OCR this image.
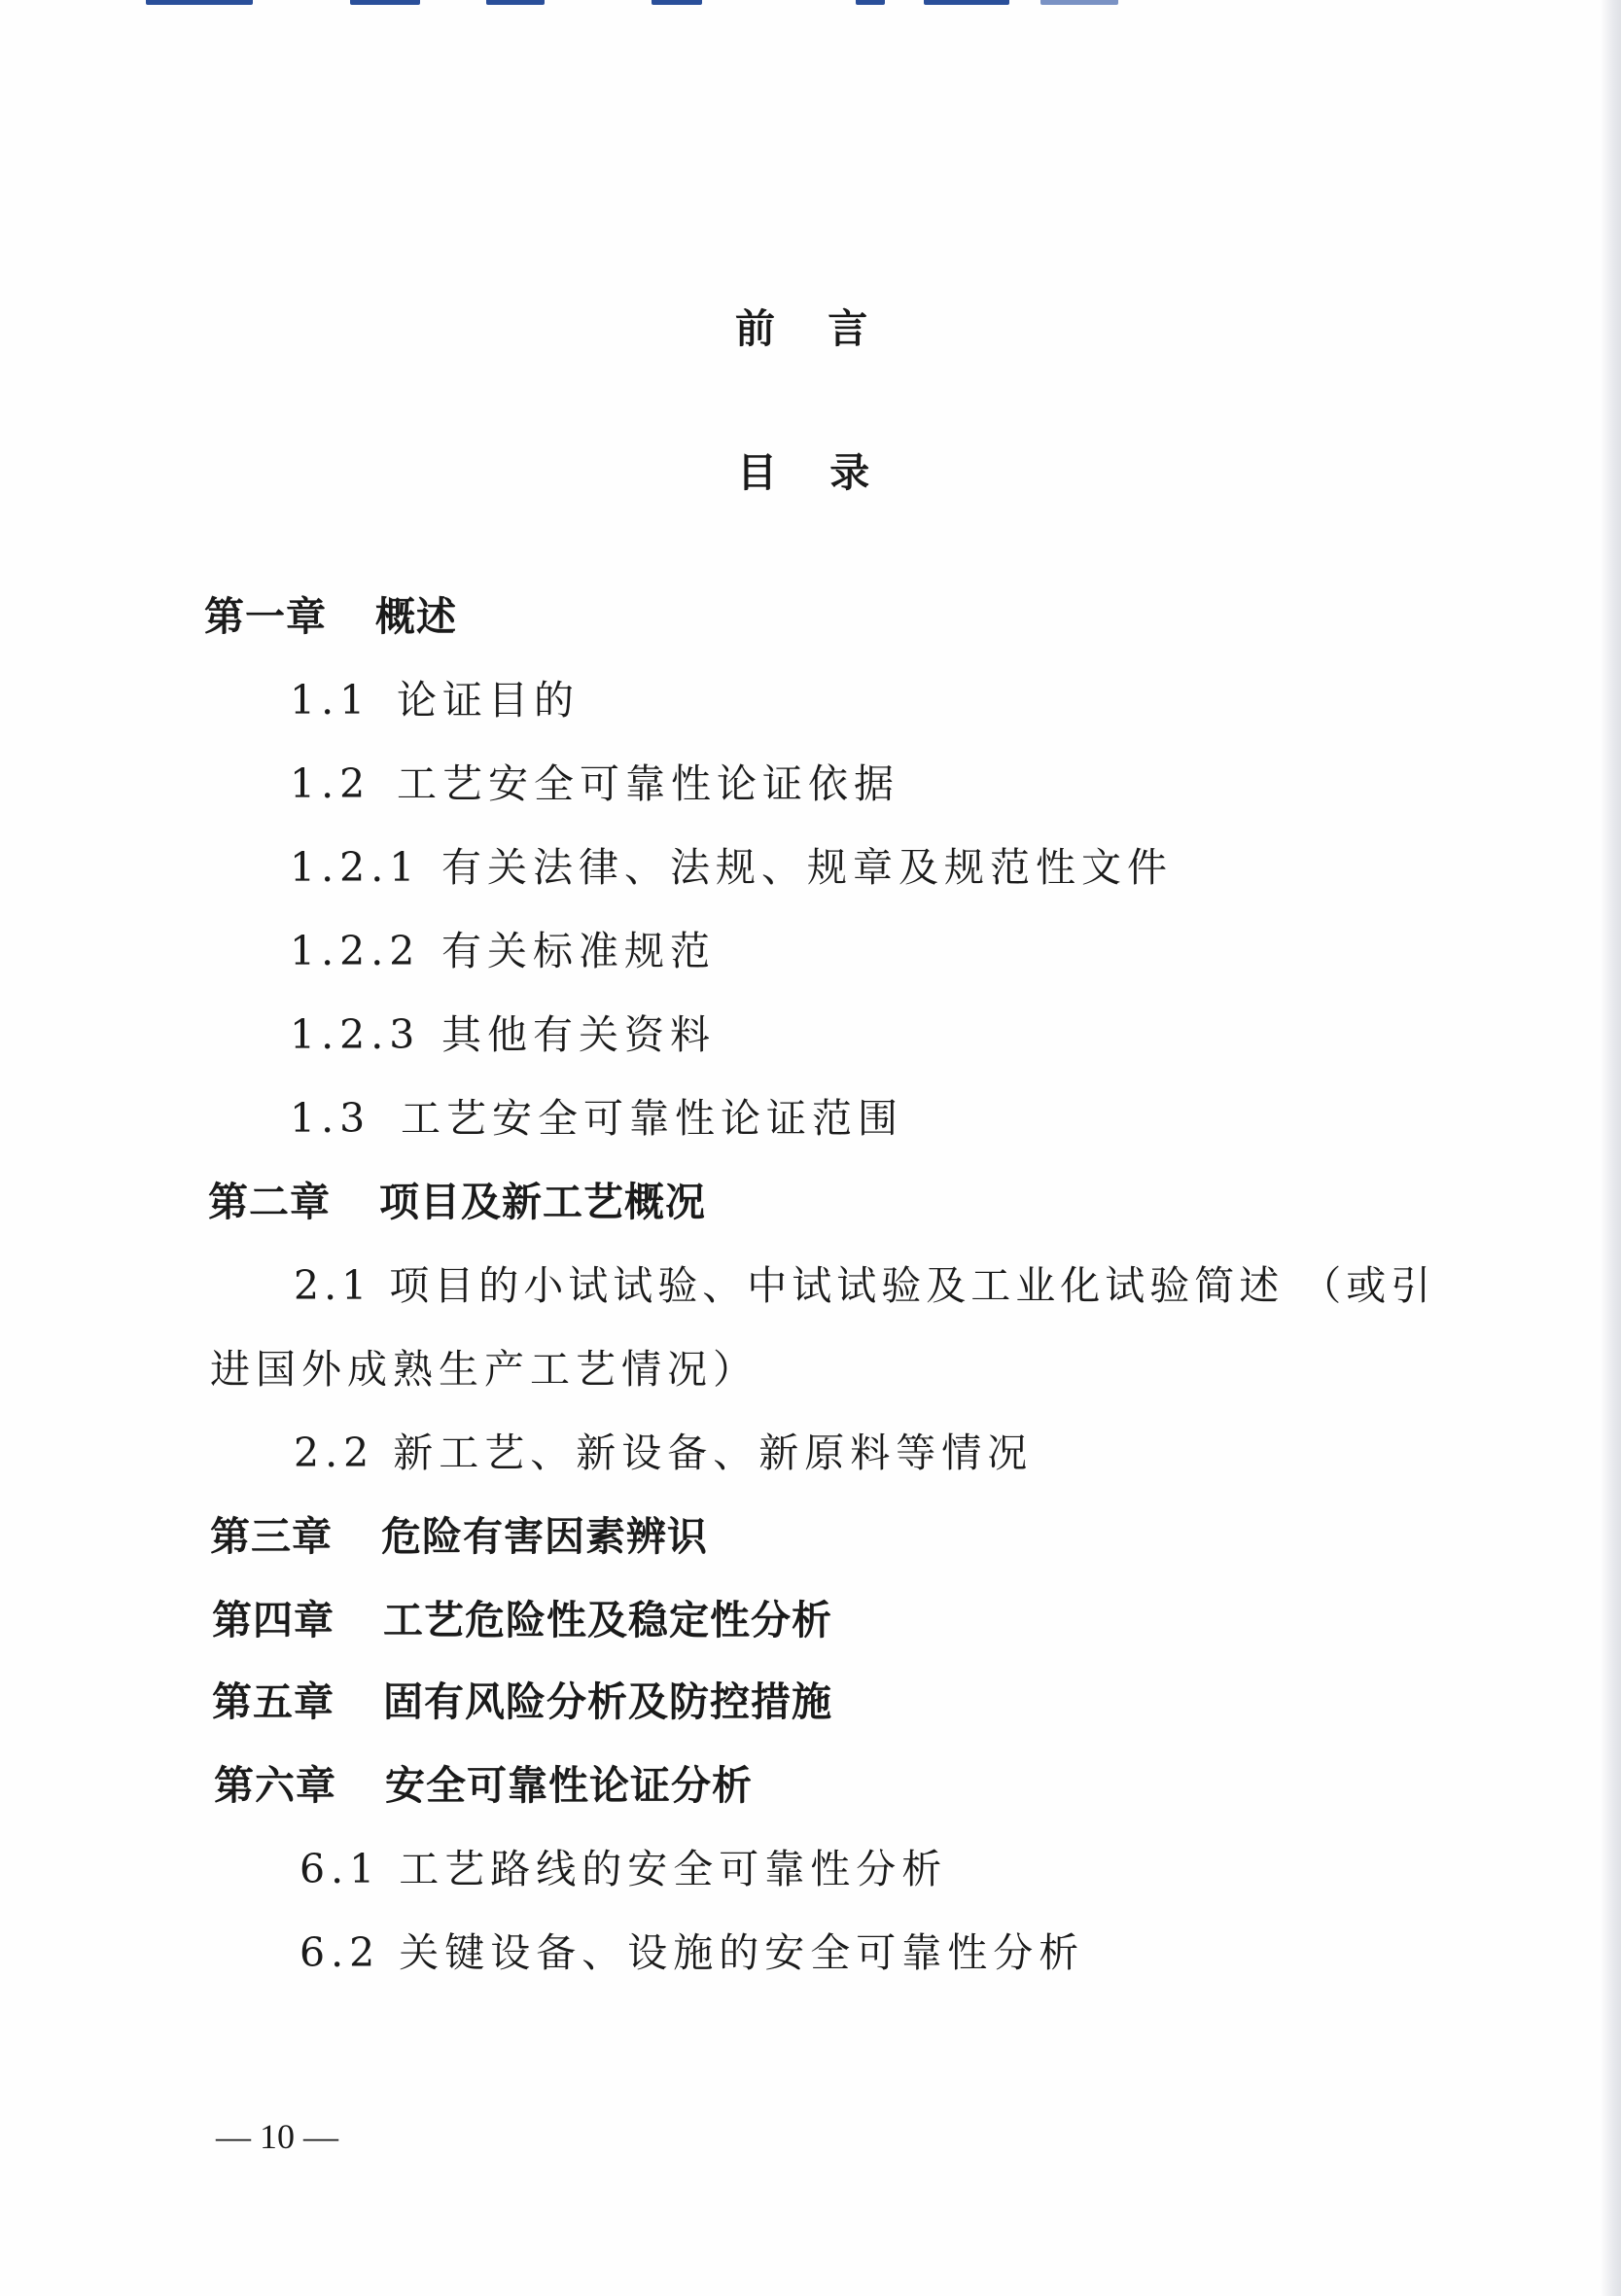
前 言
目 录
第一章 概述
1.1 论证目的
1.2 工艺安全可靠性论证依据
1.2.1 有关法律、法规、规章及规范性文件
1.2.2 有关标准规范
1.2.3 其他有关资料
1.3 工艺安全可靠性论证范围
第二章 项目及新工艺概况
2.1 项目的小试试验、中试试验及工业化试验简述 （或引
进国外成熟生产工艺情况）
2.2 新工艺、新设备、新原料等情况
第三章 危险有害因素辨识
第四章 工艺危险性及稳定性分析
第五章 固有风险分析及防控措施
第六章 安全可靠性论证分析
6.1 工艺路线的安全可靠性分析
6.2 关键设备、设施的安全可靠性分析
— 10 —
